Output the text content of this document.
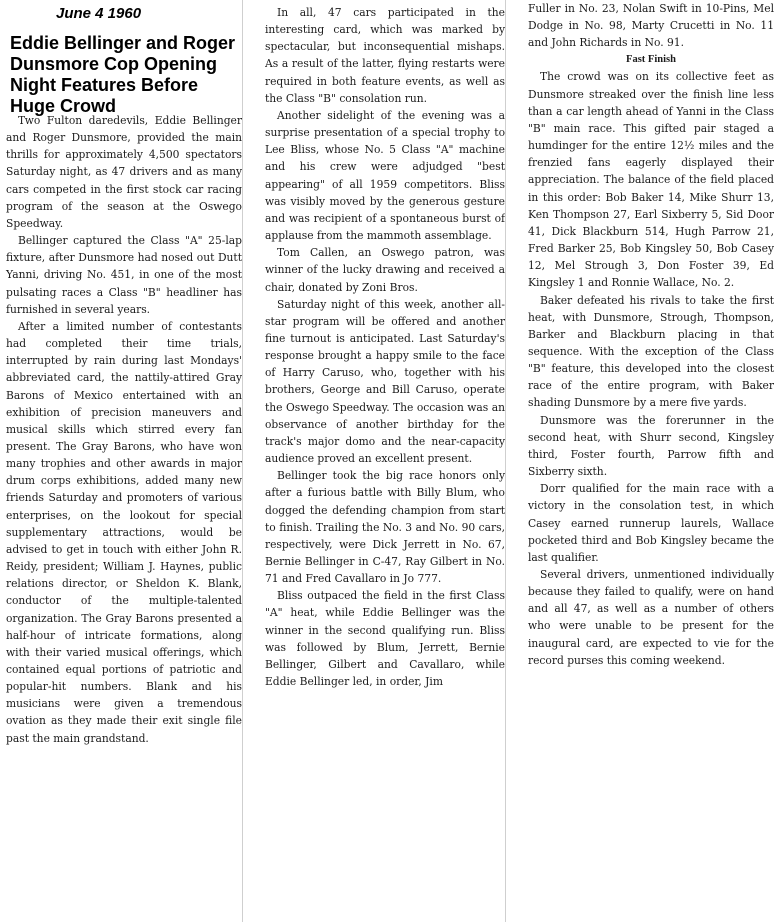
June 4 1960
Eddie Bellinger and Roger Dunsmore Cop Opening Night Features Before Huge Crowd

Two Fulton daredevils, Eddie Bellinger and Roger Dunsmore, provided the main thrills for approximately 4,500 spectators Saturday night, as 47 drivers and as many cars competed in the first stock car racing program of the season at the Oswego Speedway.

Bellinger captured the Class "A" 25-lap fixture, after Dunsmore had nosed out Dutt Yanni, driving No. 451, in one of the most pulsating races a Class "B" headliner has furnished in several years.

After a limited number of contestants had completed their time trials, interrupted by rain during last Mondays' abbreviated card, the nattily-attired Gray Barons of Mexico entertained with an exhibition of precision maneuvers and musical skills which stirred every fan present. The Gray Barons, who have won many trophies and other awards in major drum corps exhibitions, added many new friends Saturday and promoters of various enterprises, on the lookout for special supplementary attractions, would be advised to get in touch with either John R. Reidy, president; William J. Haynes, public relations director, or Sheldon K. Blank, conductor of the multiple-talented organization. The Gray Barons presented a half-hour of intricate formations, along with their varied musical offerings, which contained equal portions of patriotic and popular-hit numbers. Blank and his musicians were given a tremendous ovation as they made their exit single file past the main grandstand.

In all, 47 cars participated in the interesting card, which was marked by spectacular, but inconsequential mishaps. As a result of the latter, flying restarts were required in both feature events, as well as the Class "B" consolation run.

Another sidelight of the evening was a surprise presentation of a special trophy to Lee Bliss, whose No. 5 Class "A" machine and his crew were adjudged "best appearing" of all 1959 competitors. Bliss was visibly moved by the generous gesture and was recipient of a spontaneous burst of applause from the mammoth assemblage.

Tom Callen, an Oswego patron, was winner of the lucky drawing and received a chair, donated by Zoni Bros.

Saturday night of this week, another all-star program will be offered and another fine turnout is anticipated. Last Saturday's response brought a happy smile to the face of Harry Caruso, who, together with his brothers, George and Bill Caruso, operate the Oswego Speedway. The occasion was an observance of another birthday for the track's major domo and the near-capacity audience proved an excellent present.

Bellinger took the big race honors only after a furious battle with Billy Blum, who dogged the defending champion from start to finish. Trailing the No. 3 and No. 90 cars, respectively, were Dick Jerrett in No. 67, Bernie Bellinger in C-47, Ray Gilbert in No. 71 and Fred Cavallaro in Jo 777.

Bliss outpaced the field in the first Class "A" heat, while Eddie Bellinger was the winner in the second qualifying run. Bliss was followed by Blum, Jerrett, Bernie Bellinger, Gilbert and Cavallaro, while Eddie Bellinger led, in order, Jim

Fuller in No. 23, Nolan Swift in 10-Pins, Mel Dodge in No. 98, Marty Crucetti in No. 11 and John Richards in No. 91.

Fast Finish

The crowd was on its collective feet as Dunsmore streaked over the finish line less than a car length ahead of Yanni in the Class "B" main race. This gifted pair staged a humdinger for the entire 12½ miles and the frenzied fans eagerly displayed their appreciation. The balance of the field placed in this order: Bob Baker 14, Mike Shurr 13, Ken Thompson 27, Earl Sixberry 5, Sid Door 41, Dick Blackburn 514, Hugh Parrow 21, Fred Barker 25, Bob Kingsley 50, Bob Casey 12, Mel Strough 3, Don Foster 39, Ed Kingsley 1 and Ronnie Wallace, No. 2.

Baker defeated his rivals to take the first heat, with Dunsmore, Strough, Thompson, Barker and Blackburn placing in that sequence. With the exception of the Class "B" feature, this developed into the closest race of the entire program, with Baker shading Dunsmore by a mere five yards.

Dunsmore was the forerunner in the second heat, with Shurr second, Kingsley third, Foster fourth, Parrow fifth and Sixberry sixth.

Dorr qualified for the main race with a victory in the consolation test, in which Casey earned runnerup laurels, Wallace pocketed third and Bob Kingsley became the last qualifier.

Several drivers, unmentioned individually because they failed to qualify, were on hand and all 47, as well as a number of others who were unable to be present for the inaugural card, are expected to vie for the record purses this coming weekend.
